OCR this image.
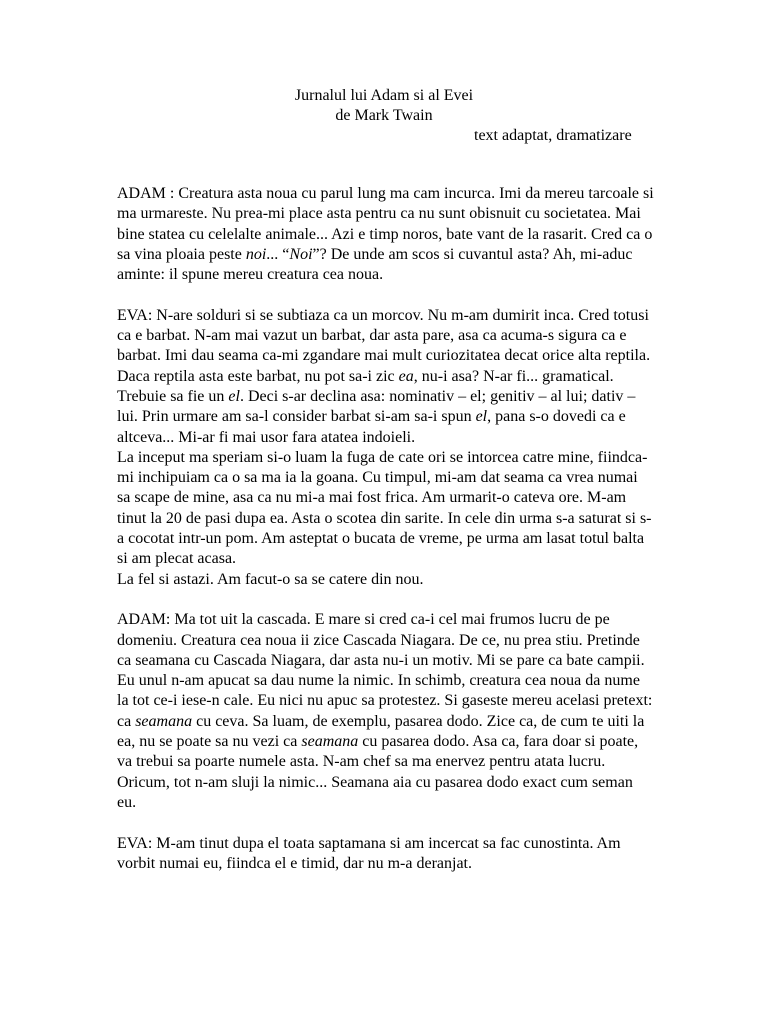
Jurnalul lui Adam si al Evei
de Mark Twain
text adaptat, dramatizare

ADAM : Creatura asta noua cu parul lung ma cam incurca. Imi da mereu tarcoale si ma urmareste. Nu prea-mi place asta pentru ca nu sunt obisnuit cu societatea. Mai bine statea cu celelalte animale... Azi e timp noros, bate vant de la rasarit. Cred ca o sa vina ploaia peste noi... “Noi”? De unde am scos si cuvantul asta? Ah, mi-aduc aminte: il spune mereu creatura cea noua.

EVA: N-are solduri si se subtiaza ca un morcov. Nu m-am dumirit inca. Cred totusi ca e barbat. N-am mai vazut un barbat, dar asta pare, asa ca acuma-s sigura ca e barbat. Imi dau seama ca-mi zgandare mai mult curiozitatea decat orice alta reptila. Daca reptila asta este barbat, nu pot sa-i zic ea, nu-i asa? N-ar fi... gramatical. Trebuie sa fie un el. Deci s-ar declina asa: nominativ – el; genitiv – al lui; dativ – lui. Prin urmare am sa-l consider barbat si-am sa-i spun el, pana s-o dovedi ca e altceva... Mi-ar fi mai usor fara atatea indoieli.

La inceput ma speriam si-o luam la fuga de cate ori se intorcea catre mine, fiindca-mi inchipuiam ca o sa ma ia la goana. Cu timpul, mi-am dat seama ca vrea numai sa scape de mine, asa ca nu mi-a mai fost frica. Am urmarit-o cateva ore. M-am tinut la 20 de pasi dupa ea. Asta o scotea din sarite. In cele din urma s-a saturat si s-a cocotat intr-un pom. Am asteptat o bucata de vreme, pe urma am lasat totul balta si am plecat acasa.

La fel si astazi. Am facut-o sa se catere din nou.

ADAM: Ma tot uit la cascada. E mare si cred ca-i cel mai frumos lucru de pe domeniu. Creatura cea noua ii zice Cascada Niagara. De ce, nu prea stiu. Pretinde ca seamana cu Cascada Niagara, dar asta nu-i un motiv. Mi se pare ca bate campii. Eu unul n-am apucat sa dau nume la nimic. In schimb, creatura cea noua da nume la tot ce-i iese-n cale. Eu nici nu apuc sa protestez. Si gaseste mereu acelasi pretext: ca seamana cu ceva. Sa luam, de exemplu, pasarea dodo. Zice ca, de cum te uiti la ea, nu se poate sa nu vezi ca seamana cu pasarea dodo. Asa ca, fara doar si poate, va trebui sa poarte numele asta. N-am chef sa ma enervez pentru atata lucru. Oricum, tot n-am sluji la nimic... Seamana aia cu pasarea dodo exact cum seman eu.

EVA: M-am tinut dupa el toata saptamana si am incercat sa fac cunostinta. Am vorbit numai eu, fiindca el e timid, dar nu m-a deranjat.
